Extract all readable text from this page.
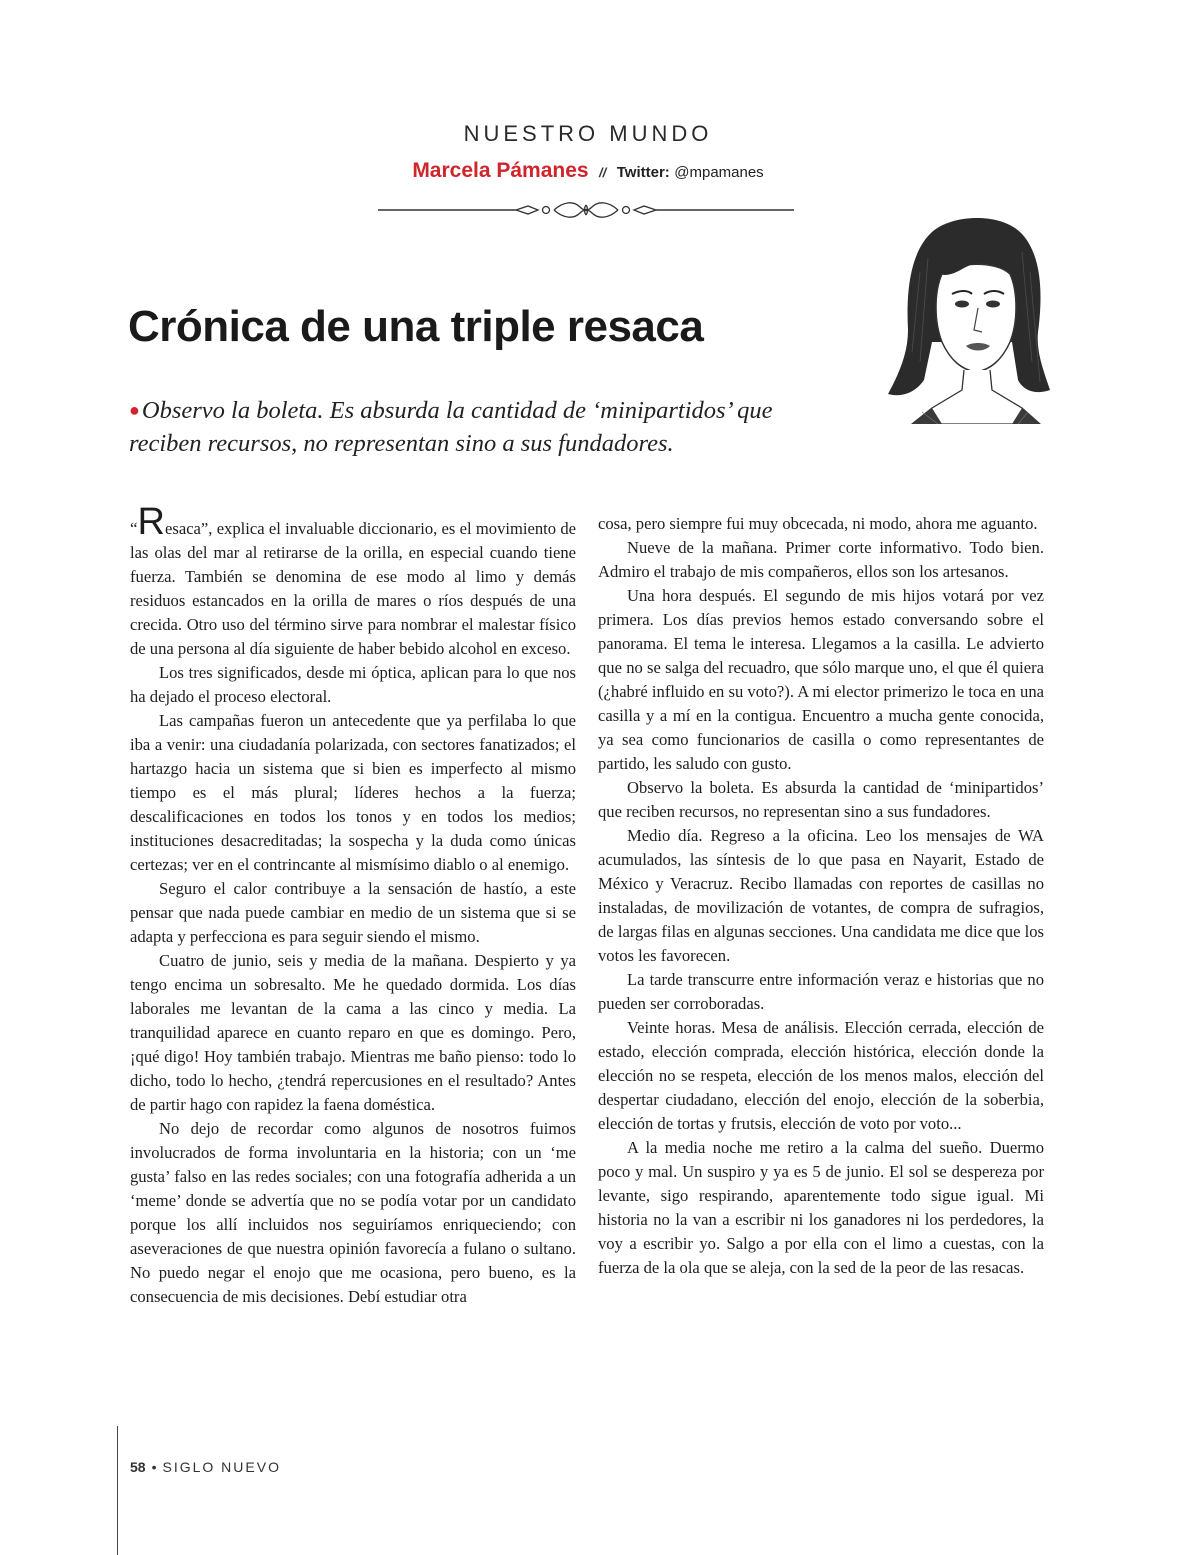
NUESTRO MUNDO
Marcela Pámanes // Twitter: @mpamanes
Crónica de una triple resaca

●Observo la boleta. Es absurda la cantidad de ‘minipartidos’ que reciben recursos, no representan sino a sus fundadores.

“Resaca”, explica el invaluable diccionario, es el movimiento de las olas del mar al retirarse de la orilla, en especial cuando tiene fuerza. También se denomina de ese modo al limo y demás residuos estancados en la orilla de mares o ríos después de una crecida. Otro uso del término sirve para nombrar el malestar físico de una persona al día siguiente de haber bebido alcohol en exceso.

Los tres significados, desde mi óptica, aplican para lo que nos ha dejado el proceso electoral.

Las campañas fueron un antecedente que ya perfilaba lo que iba a venir: una ciudadanía polarizada, con sectores fanatizados; el hartazgo hacia un sistema que si bien es imperfecto al mismo tiempo es el más plural; líderes hechos a la fuerza; descalificaciones en todos los tonos y en todos los medios; instituciones desacreditadas; la sospecha y la duda como únicas certezas; ver en el contrincante al mismísimo diablo o al enemigo.

Seguro el calor contribuye a la sensación de hastío, a este pensar que nada puede cambiar en medio de un sistema que si se adapta y perfecciona es para seguir siendo el mismo.

Cuatro de junio, seis y media de la mañana. Despierto y ya tengo encima un sobresalto. Me he quedado dormida. Los días laborales me levantan de la cama a las cinco y media. La tranquilidad aparece en cuanto reparo en que es domingo. Pero, ¡qué digo! Hoy también trabajo. Mientras me baño pienso: todo lo dicho, todo lo hecho, ¿tendrá repercusiones en el resultado? Antes de partir hago con rapidez la faena doméstica.

No dejo de recordar como algunos de nosotros fuimos involucrados de forma involuntaria en la historia; con un ‘me gusta’ falso en las redes sociales; con una fotografía adherida a un ‘meme’ donde se advertía que no se podía votar por un candidato porque los allí incluidos nos seguiríamos enriqueciendo; con aseveraciones de que nuestra opinión favorecía a fulano o sultano. No puedo negar el enojo que me ocasiona, pero bueno, es la consecuencia de mis decisiones. Debí estudiar otra

cosa, pero siempre fui muy obcecada, ni modo, ahora me aguanto.

Nueve de la mañana. Primer corte informativo. Todo bien. Admiro el trabajo de mis compañeros, ellos son los artesanos.

Una hora después. El segundo de mis hijos votará por vez primera. Los días previos hemos estado conversando sobre el panorama. El tema le interesa. Llegamos a la casilla. Le advierto que no se salga del recuadro, que sólo marque uno, el que él quiera (¿habré influido en su voto?). A mi elector primerizo le toca en una casilla y a mí en la contigua. Encuentro a mucha gente conocida, ya sea como funcionarios de casilla o como representantes de partido, les saludo con gusto.

Observo la boleta. Es absurda la cantidad de ‘minipartidos’ que reciben recursos, no representan sino a sus fundadores.

Medio día. Regreso a la oficina. Leo los mensajes de WA acumulados, las síntesis de lo que pasa en Nayarit, Estado de México y Veracruz. Recibo llamadas con reportes de casillas no instaladas, de movilización de votantes, de compra de sufragios, de largas filas en algunas secciones. Una candidata me dice que los votos les favorecen.

La tarde transcurre entre información veraz e historias que no pueden ser corroboradas.

Veinte horas. Mesa de análisis. Elección cerrada, elección de estado, elección comprada, elección histórica, elección donde la elección no se respeta, elección de los menos malos, elección del despertar ciudadano, elección del enojo, elección de la soberbia, elección de tortas y frutsis, elección de voto por voto...

A la media noche me retiro a la calma del sueño. Duermo poco y mal. Un suspiro y ya es 5 de junio. El sol se desperezа por levante, sigo respirando, aparentemente todo sigue igual. Mi historia no la van a escribir ni los ganadores ni los perdedores, la voy a escribir yo. Salgo a por ella con el limo a cuestas, con la fuerza de la ola que se aleja, con la sed de la peor de las resacas.

58 • SIGLO NUEVO
